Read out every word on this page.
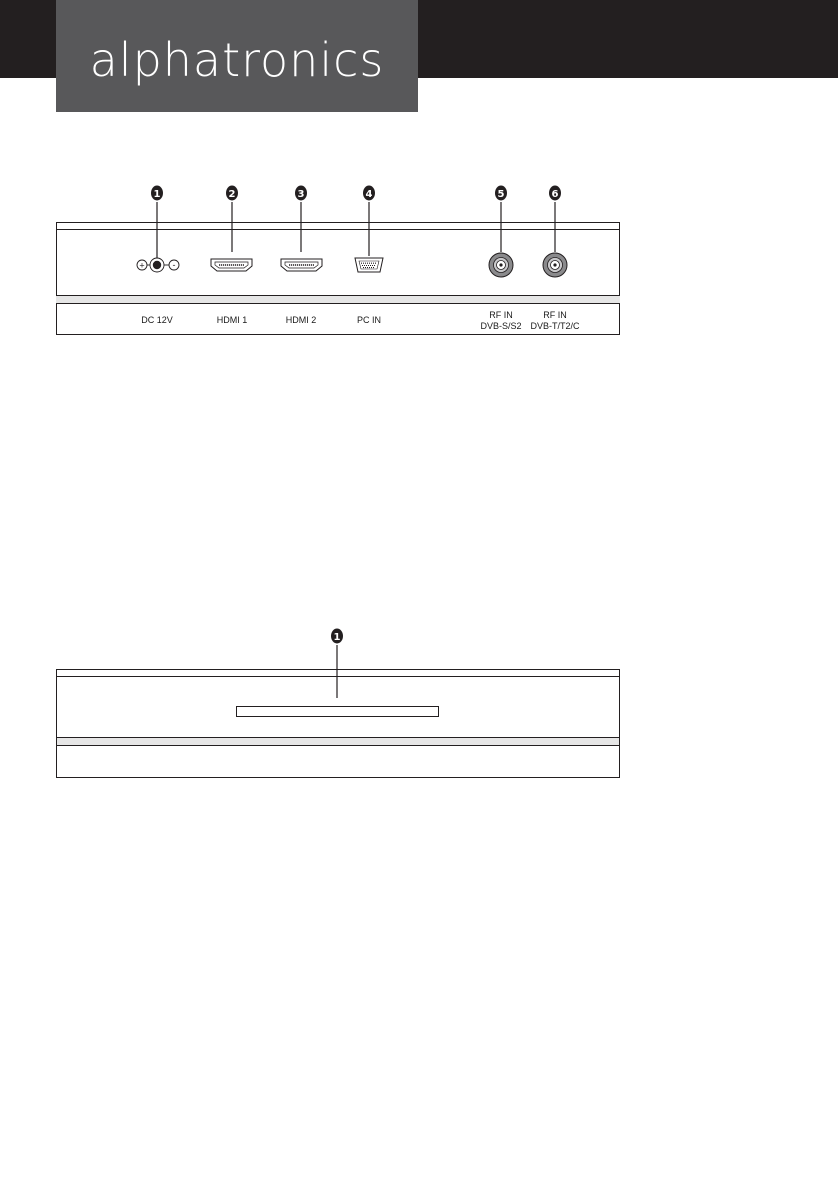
alphatronics
1	2	3	4	5	6
+	-
DC 12V	HDMI 1	HDMI 2	PC IN	RF IN
DVB-S/S2
RF IN
DVB-T/T2/C
1
